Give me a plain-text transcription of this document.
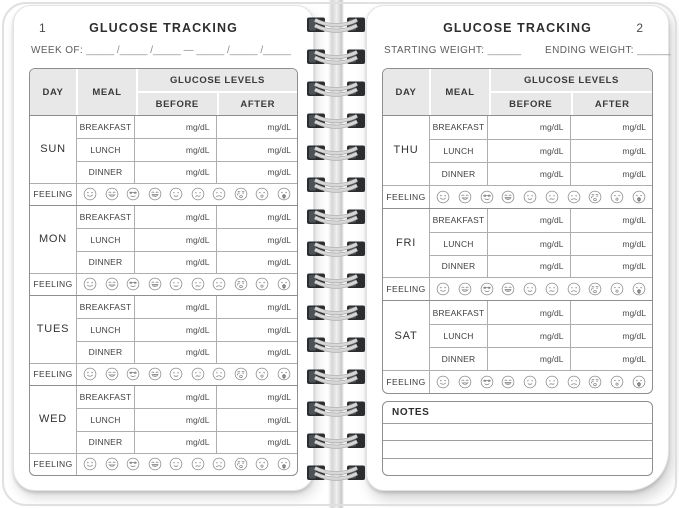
1	GLUCOSE TRACKING
WEEK OF: _____ /_____ /_____ — _____ /_____ /_____
DAY	MEAL
GLUCOSE LEVELS
BEFORE	AFTER
SUN
BREAKFAST	mg/dL	mg/dL
LUNCH	mg/dL	mg/dL
DINNER	mg/dL	mg/dL
FEELING
MON
BREAKFAST	mg/dL	mg/dL
LUNCH	mg/dL	mg/dL
DINNER	mg/dL	mg/dL
FEELING
TUES
BREAKFAST	mg/dL	mg/dL
LUNCH	mg/dL	mg/dL
DINNER	mg/dL	mg/dL
FEELING
WED
BREAKFAST	mg/dL	mg/dL
LUNCH	mg/dL	mg/dL
DINNER	mg/dL	mg/dL
FEELING
GLUCOSE TRACKING	2
STARTING WEIGHT: ______ ENDING WEIGHT: ______
DAY	MEAL
GLUCOSE LEVELS
BEFORE	AFTER
THU
BREAKFAST	mg/dL	mg/dL
LUNCH	mg/dL	mg/dL
DINNER	mg/dL	mg/dL
FEELING
FRI
BREAKFAST	mg/dL	mg/dL
LUNCH	mg/dL	mg/dL
DINNER	mg/dL	mg/dL
FEELING
SAT
BREAKFAST	mg/dL	mg/dL
LUNCH	mg/dL	mg/dL
DINNER	mg/dL	mg/dL
FEELING
NOTES
